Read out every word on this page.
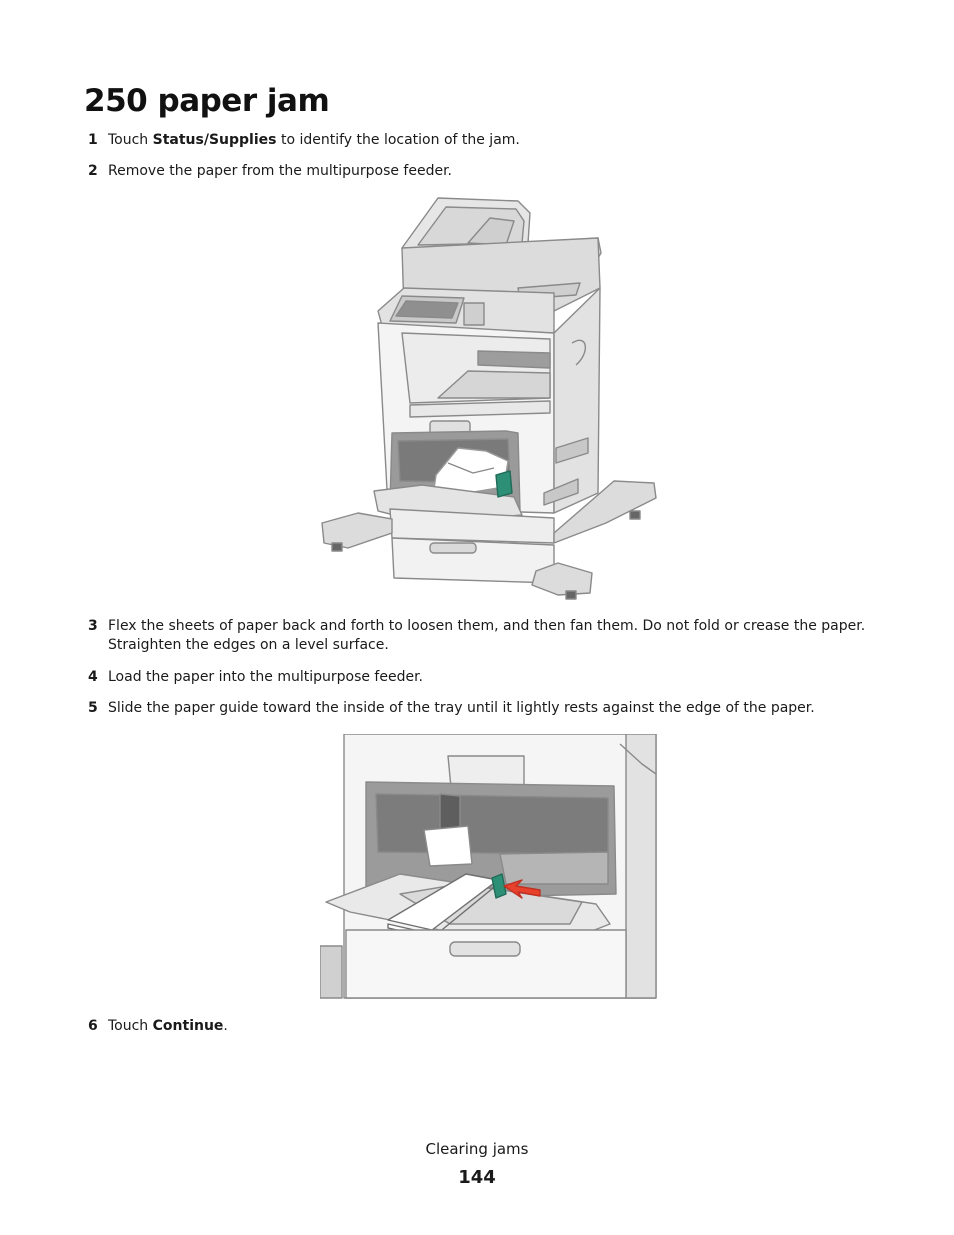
250 paper jam
1 Touch Status/Supplies to identify the location of the jam.
2 Remove the paper from the multipurpose feeder.
3 Flex the sheets of paper back and forth to loosen them, and then fan them. Do not fold or crease the paper.
Straighten the edges on a level surface.
4 Load the paper into the multipurpose feeder.
5 Slide the paper guide toward the inside of the tray until it lightly rests against the edge of the paper.
6 Touch Continue.
Clearing jams
144
